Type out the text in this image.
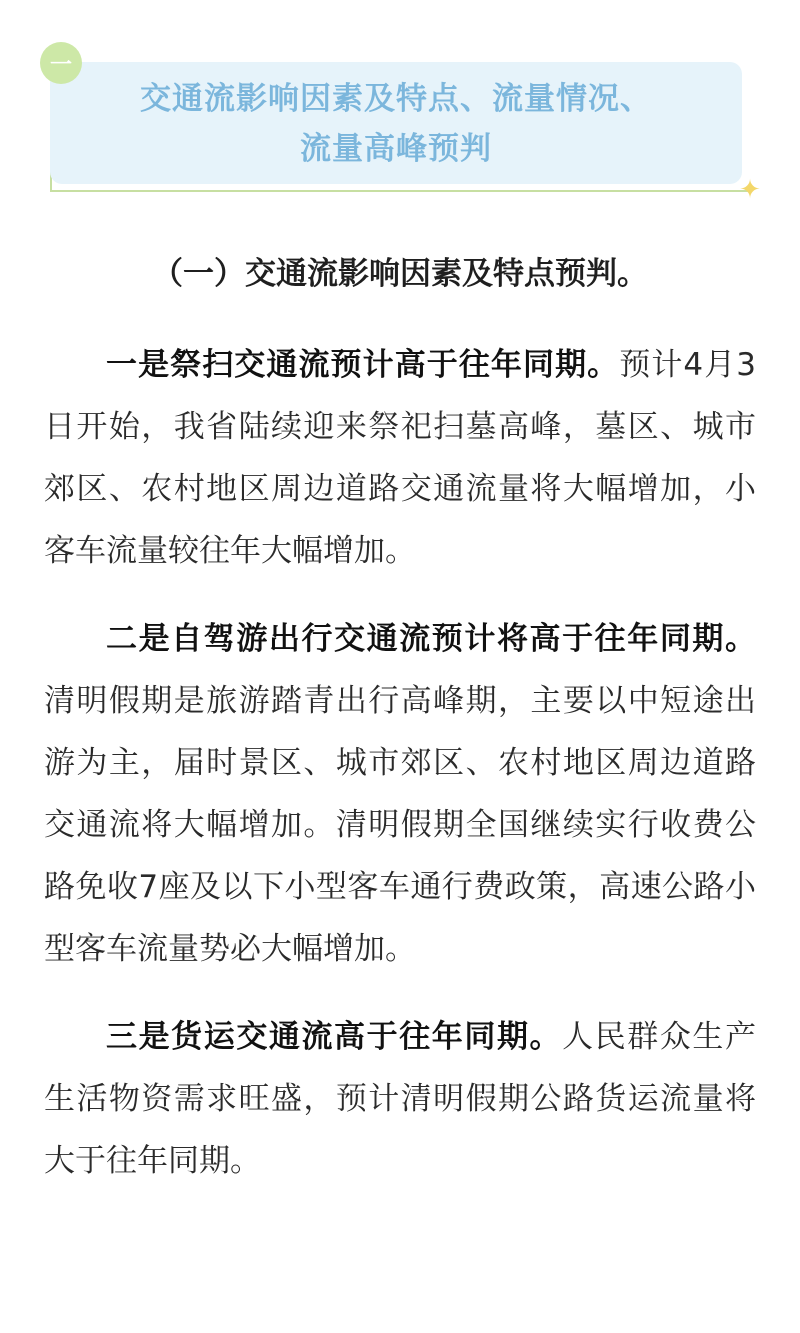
交通流影响因素及特点、流量情况、
流量高峰预判
一
✦
（一）交通流影响因素及特点预判。

一是祭扫交通流预计高于往年同期。预计4月3日开始，我省陆续迎来祭祀扫墓高峰，墓区、城市郊区、农村地区周边道路交通流量将大幅增加，小客车流量较往年大幅增加。

二是自驾游出行交通流预计将高于往年同期。清明假期是旅游踏青出行高峰期，主要以中短途出游为主，届时景区、城市郊区、农村地区周边道路交通流将大幅增加。清明假期全国继续实行收费公路免收7座及以下小型客车通行费政策，高速公路小型客车流量势必大幅增加。

三是货运交通流高于往年同期。人民群众生产生活物资需求旺盛，预计清明假期公路货运流量将大于往年同期。
